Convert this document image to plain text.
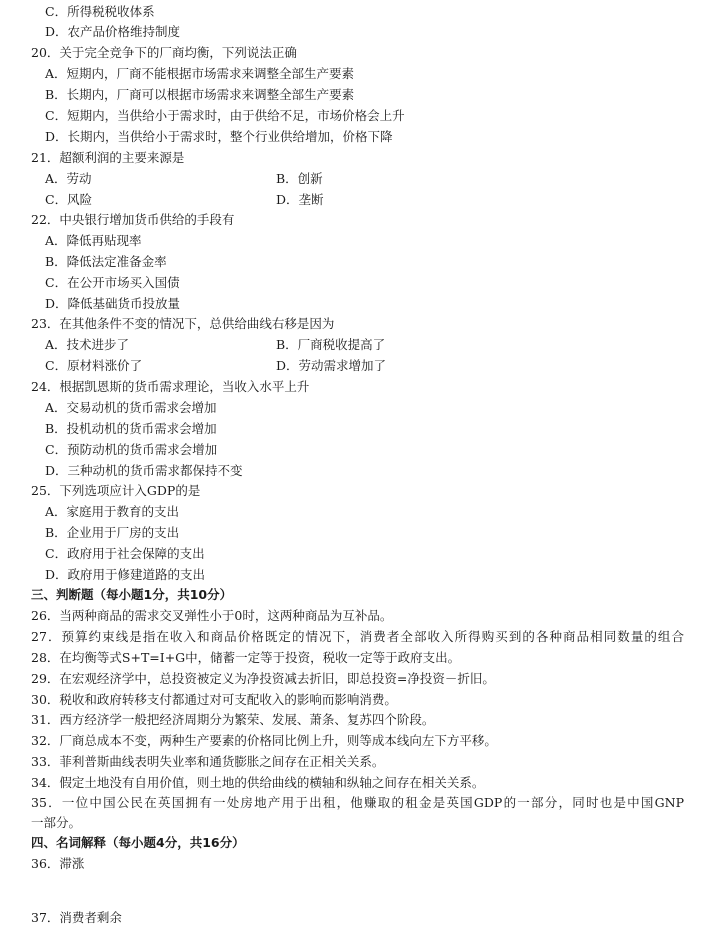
C．所得税税收体系
D．农产品价格维持制度
20．关于完全竞争下的厂商均衡，下列说法正确
A．短期内，厂商不能根据市场需求来调整全部生产要素
B．长期内，厂商可以根据市场需求来调整全部生产要素
C．短期内，当供给小于需求时，由于供给不足，市场价格会上升
D．长期内，当供给小于需求时，整个行业供给增加，价格下降
21．超额利润的主要来源是
A．劳动	B．创新
C．风险	D．垄断
22．中央银行增加货币供给的手段有
A．降低再贴现率
B．降低法定准备金率
C．在公开市场买入国债
D．降低基础货币投放量
23．在其他条件不变的情况下，总供给曲线右移是因为
A．技术进步了	B．厂商税收提高了
C．原材料涨价了	D．劳动需求增加了
24．根据凯恩斯的货币需求理论，当收入水平上升
A．交易动机的货币需求会增加
B．投机动机的货币需求会增加
C．预防动机的货币需求会增加
D．三种动机的货币需求都保持不变
25．下列选项应计入GDP的是
A．家庭用于教育的支出
B．企业用于厂房的支出
C．政府用于社会保障的支出
D．政府用于修建道路的支出
三、判断题（每小题1分，共10分）
26．当两种商品的需求交叉弹性小于0时，这两种商品为互补品。
27．预算约束线是指在收入和商品价格既定的情况下，消费者全部收入所得购买到的各种商品相同数量的组合
28．在均衡等式S+T=I+G中，储蓄一定等于投资，税收一定等于政府支出。
29．在宏观经济学中，总投资被定义为净投资减去折旧，即总投资=净投资－折旧。
30．税收和政府转移支付都通过对可支配收入的影响而影响消费。
31．西方经济学一般把经济周期分为繁荣、发展、萧条、复苏四个阶段。
32．厂商总成本不变，两种生产要素的价格同比例上升，则等成本线向左下方平移。
33．菲利普斯曲线表明失业率和通货膨胀之间存在正相关关系。
34．假定土地没有自用价值，则土地的供给曲线的横轴和纵轴之间存在相关关系。
35．一位中国公民在英国拥有一处房地产用于出租，他赚取的租金是英国GDP的一部分，同时也是中国GNP
一部分。
四、名词解释（每小题4分，共16分）
36．滞涨
37．消费者剩余
